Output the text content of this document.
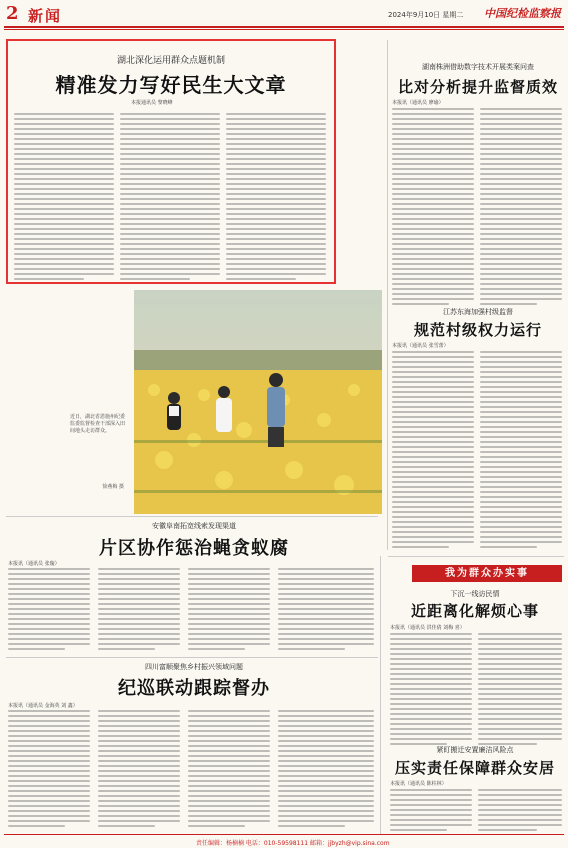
2 新闻	2024年9月10日 星期二 中国纪检监察报
湖北深化运用群众点题机制
精准发力写好民生大文章
本报通讯员 黎晓峰
湖南株洲借助数字技术开展类案问查
比对分析提升监督质效
本报讯（通讯员 廖瑜）
江苏东海加强村级监督
规范村级权力运行
本报讯（通讯员 张雪蕾）
近日，湖北省恩施州纪委监委监督检查干部深入田间地头走访群众。
徐燕梅 摄
安徽阜南拓宽线索发现渠道
片区协作惩治蝇贪蚁腐
本报讯（通讯员 张璇）
四川富顺聚焦乡村振兴领域问题
纪巡联动跟踪督办
本报讯（通讯员 金海英 刘 鑫）
我为群众办实事
下沉一线访民情
近距离化解烦心事
本报讯（通讯员 洪佳倩 刘梅 喜）
紧盯搬迁安置廉洁风险点
压实责任保障群众安居
本报讯（通讯员 陈柱林）
责任编辑：杨楠楠 电话：010-59598111 邮箱：jjbyzh@vip.sina.com
